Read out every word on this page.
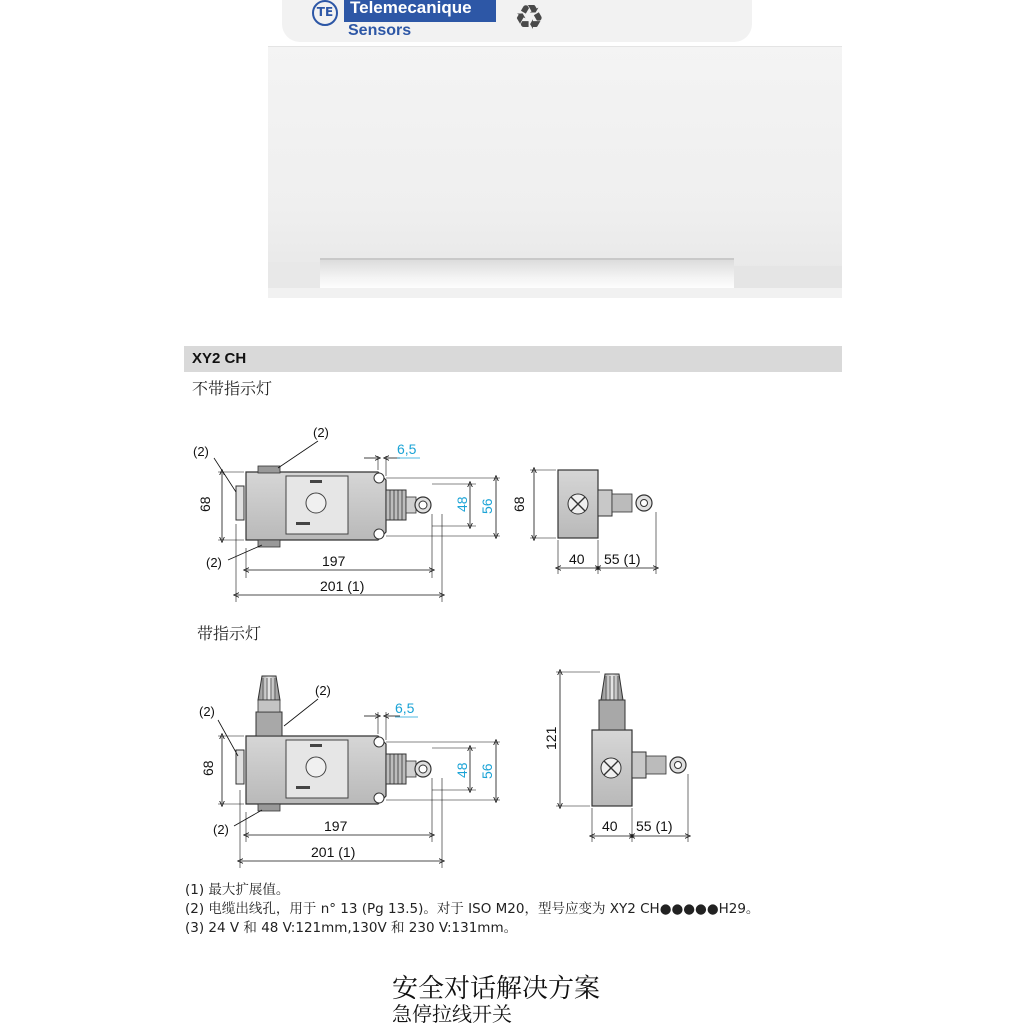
TE Telemecanique
Sensors	♻
XY2 CH
不带指示灯
带指示灯
(2)
(2)
(2)
68
6,5
48 56
197
201 (1)
68
40 55 (1)
(2)
(2)
(2)
68
6,5
48 56
197
201 (1)
121
40 55 (1)
(1) 最大扩展值。
(2) 电缆出线孔，用于 n° 13 (Pg 13.5)。对于 ISO M20，型号应变为 XY2 CH●●●●●H29。
(3) 24 V 和 48 V:121mm,130V 和 230 V:131mm。
安全对话解决方案
急停拉线开关
